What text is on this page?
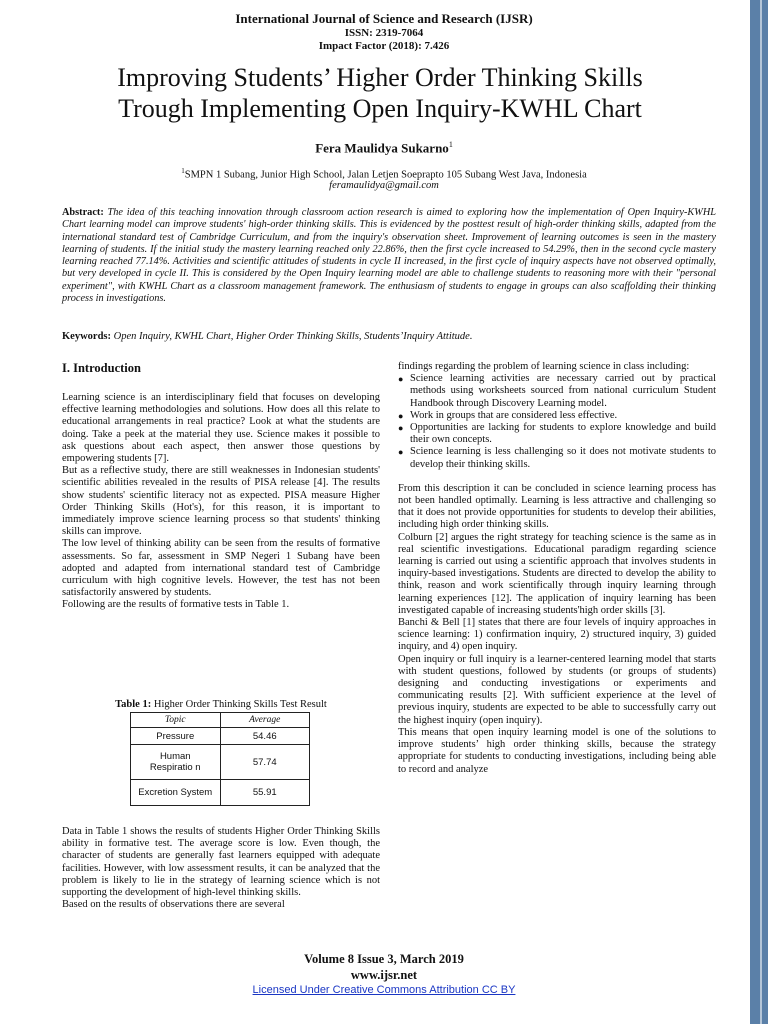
International Journal of Science and Research (IJSR)
ISSN: 2319-7064
Impact Factor (2018): 7.426
Improving Students’ Higher Order Thinking Skills
Trough Implementing Open Inquiry-KWHL Chart
Fera Maulidya Sukarno$^1$
$^1$SMPN 1 Subang, Junior High School, Jalan Letjen Soeprapto 105 Subang West Java, Indonesia
feramaulidya@gmail.com
Abstract: The idea of this teaching innovation through classroom action research is aimed to exploring how the implementation of Open Inquiry-KWHL Chart learning model can improve students' high-order thinking skills. This is evidenced by the posttest result of high-order thinking skills, adapted from the international standard test of Cambridge Curriculum, and from the inquiry's observation sheet. Improvement of learning outcomes is seen in the mastery learning of students. If the initial study the mastery learning reached only 22.86%, then the first cycle increased to 54.29%, then in the second cycle mastery learning reached 77.14%. Activities and scientific attitudes of students in cycle II increased, in the first cycle of inquiry aspects have not observed optimally, but very developed in cycle II. This is considered by the Open Inquiry learning model are able to challenge students to reasoning more with their "personal experiment", with KWHL Chart as a classroom management framework. The enthusiasm of students to engage in groups can also scaffolding their thinking process in investigations.
Keywords: Open Inquiry, KWHL Chart, Higher Order Thinking Skills, Students’Inquiry Attitude.
I. Introduction

Learning science is an interdisciplinary field that focuses on developing effective learning methodologies and solutions. How does all this relate to educational arrangements in real practice? Look at what the students are doing. Take a peek at the material they use. Science makes it possible to ask questions about each aspect, then answer those questions by empowering students [7].

But as a reflective study, there are still weaknesses in Indonesian students' scientific abilities revealed in the results of PISA release [4]. The results show students' scientific literacy not as expected. PISA measure Higher Order Thinking Skills (Hot's), for this reason, it is important to immediately improve science learning process so that students' thinking skills can improve.

The low level of thinking ability can be seen from the results of formative assessments. So far, assessment in SMP Negeri 1 Subang have been adopted and adapted from international standard test of Cambridge curriculum with high cognitive levels. However, the test has not been satisfactorily answered by students.

Following are the results of formative tests in Table 1.

Table 1: Higher Order Thinking Skills Test Result
Topic	Average
Pressure	54.46
Human Respiratio n	57.74
Excretion System	55.91

Data in Table 1 shows the results of students Higher Order Thinking Skills ability in formative test. The average score is low. Even though, the character of students are generally fast learners equipped with adequate facilities. However, with low assessment results, it can be analyzed that the problem is likely to lie in the strategy of learning science which is not supporting the development of high-level thinking skills.

Based on the results of observations there are several

findings regarding the problem of learning science in class including:

● Science learning activities are necessary carried out by practical methods using worksheets sourced from national curriculum Student Handbook through Discovery Learning model.
● Work in groups that are considered less effective.
● Opportunities are lacking for students to explore knowledge and build their own concepts.
● Science learning is less challenging so it does not motivate students to develop their thinking skills.

From this description it can be concluded in science learning process has not been handled optimally. Learning is less attractive and challenging so that it does not provide opportunities for students to develop their abilities, including high order thinking skills.

Colburn [2] argues the right strategy for teaching science is the same as in real scientific investigations. Educational paradigm regarding science learning is carried out using a scientific approach that involves students in inquiry-based investigations. Students are directed to develop the ability to think, reason and work scientifically through inquiry learning through learning experiences [12]. The application of inquiry learning has been investigated capable of increasing students'high order skills [3].

Banchi & Bell [1] states that there are four levels of inquiry approaches in science learning: 1) confirmation inquiry, 2) structured inquiry, 3) guided inquiry, and 4) open inquiry.

Open inquiry or full inquiry is a learner-centered learning model that starts with student questions, followed by students (or groups of students) designing and conducting investigations or experiments and communicating results [2]. With sufficient experience at the level of previous inquiry, students are expected to be able to successfully carry out the highest inquiry (open inquiry).

This means that open inquiry learning model is one of the solutions to improve students’ high order thinking skills, because the strategy appropriate for students to conducting investigations, including being able to record and analyze

Volume 8 Issue 3, March 2019
www.ijsr.net
Licensed Under Creative Commons Attribution CC BY
